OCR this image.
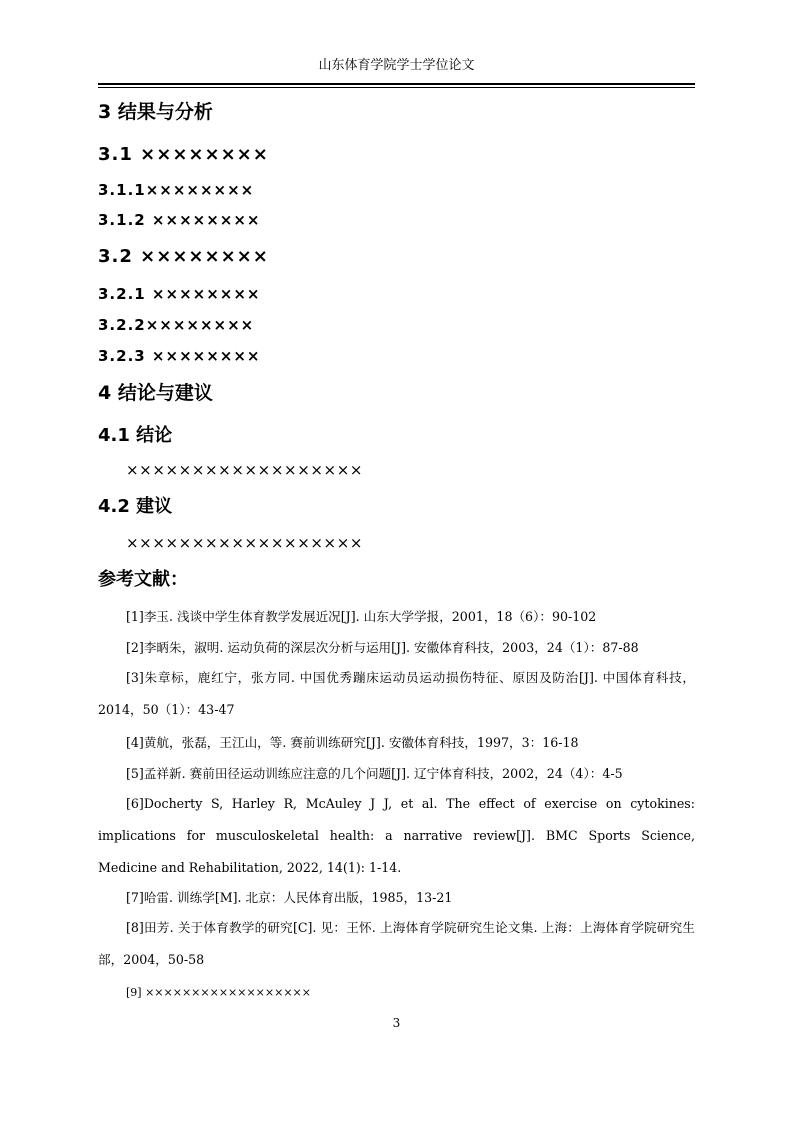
山东体育学院学士学位论文
3 结果与分析
3.1 ××××××××
3.1.1××××××××
3.1.2 ××××××××
3.2 ××××××××
3.2.1 ××××××××
3.2.2××××××××
3.2.3 ××××××××
4 结论与建议
4.1 结论
××××××××××××××××××
4.2 建议
××××××××××××××××××
参考文献：

[1]李玉. 浅谈中学生体育教学发展近况[J]. 山东大学学报，2001，18（6）：90-102

[2]李昞朱，淑明. 运动负荷的深层次分析与运用[J]. 安徽体育科技，2003，24（1）：87-88

[3]朱章标，鹿红宁，张方同. 中国优秀蹦床运动员运动损伤特征、原因及防治[J]. 中国体育科技，2014，50（1）：43-47

[4]黄航，张磊，王江山，等. 赛前训练研究[J]. 安徽体育科技，1997，3：16-18

[5]孟祥新. 赛前田径运动训练应注意的几个问题[J]. 辽宁体育科技，2002，24（4）：4-5

[6]Docherty S, Harley R, McAuley J J, et al. The effect of exercise on cytokines: implications for musculoskeletal health: a narrative review[J]. BMC Sports Science, Medicine and Rehabilitation, 2022, 14(1): 1-14.

[7]哈雷. 训练学[M]. 北京：人民体育出版，1985，13-21

[8]田芳. 关于体育教学的研究[C]. 见：王怀. 上海体育学院研究生论文集. 上海：上海体育学院研究生部，2004，50-58

[9] ××××××××××××××××××

3
